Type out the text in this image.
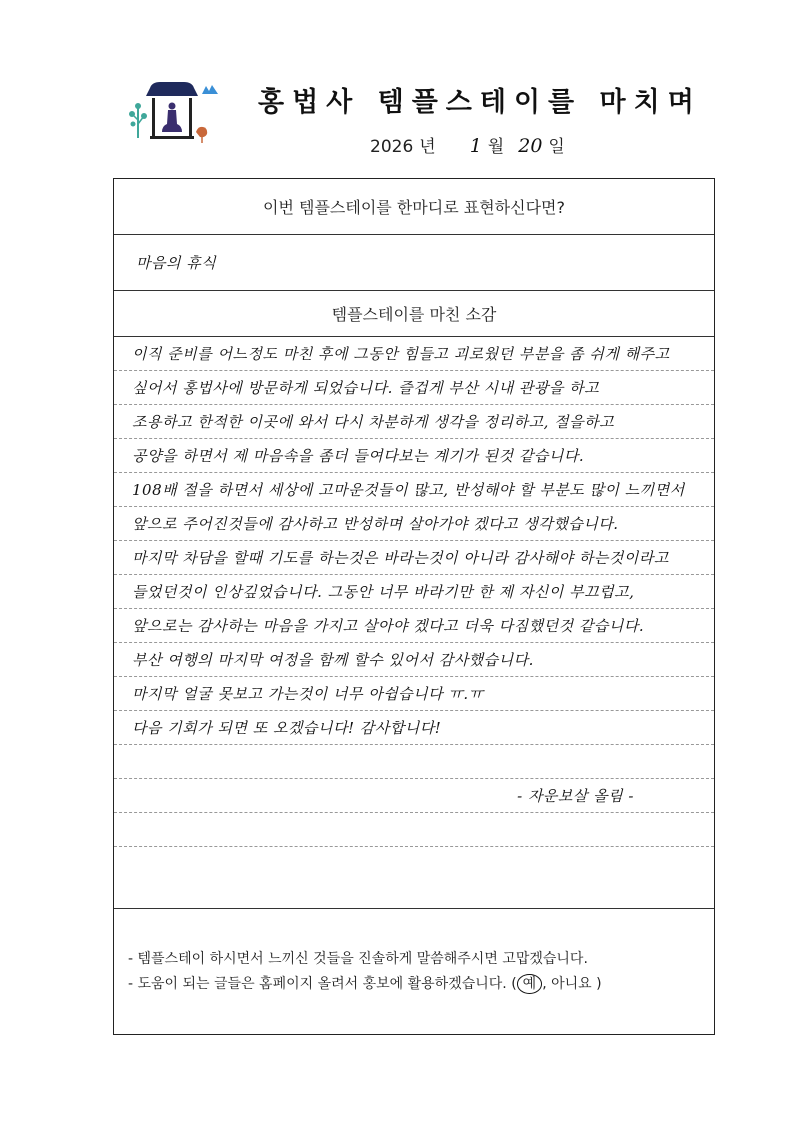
홍법사 템플스테이를 마치며
2026 년 1 월 20 일
이번 템플스테이를 한마디로 표현하신다면?
마음의 휴식
템플스테이를 마친 소감
이직 준비를 어느정도 마친 후에 그동안 힘들고 괴로웠던 부분을 좀 쉬게 해주고
싶어서 홍법사에 방문하게 되었습니다. 즐겁게 부산 시내 관광을 하고
조용하고 한적한 이곳에 와서 다시 차분하게 생각을 정리하고, 절을하고
공양을 하면서 제 마음속을 좀더 들여다보는 계기가 된것 같습니다.
108배 절을 하면서 세상에 고마운것들이 많고, 반성해야 할 부분도 많이 느끼면서
앞으로 주어진것들에 감사하고 반성하며 살아가야 겠다고 생각했습니다.
마지막 차담을 할때 기도를 하는것은 바라는것이 아니라 감사해야 하는것이라고
들었던것이 인상깊었습니다. 그동안 너무 바라기만 한 제 자신이 부끄럽고,
앞으로는 감사하는 마음을 가지고 살아야 겠다고 더욱 다짐했던것 같습니다.
부산 여행의 마지막 여정을 함께 할수 있어서 감사했습니다.
마지막 얼굴 못보고 가는것이 너무 아쉽습니다 ㅠ.ㅠ
다음 기회가 되면 또 오겠습니다! 감사합니다!
- 자운보살 올림 -
- 템플스테이 하시면서 느끼신 것들을 진솔하게 말씀해주시면 고맙겠습니다.
- 도움이 되는 글들은 홈페이지 올려서 홍보에 활용하겠습니다. ( 예 , 아니요 )
